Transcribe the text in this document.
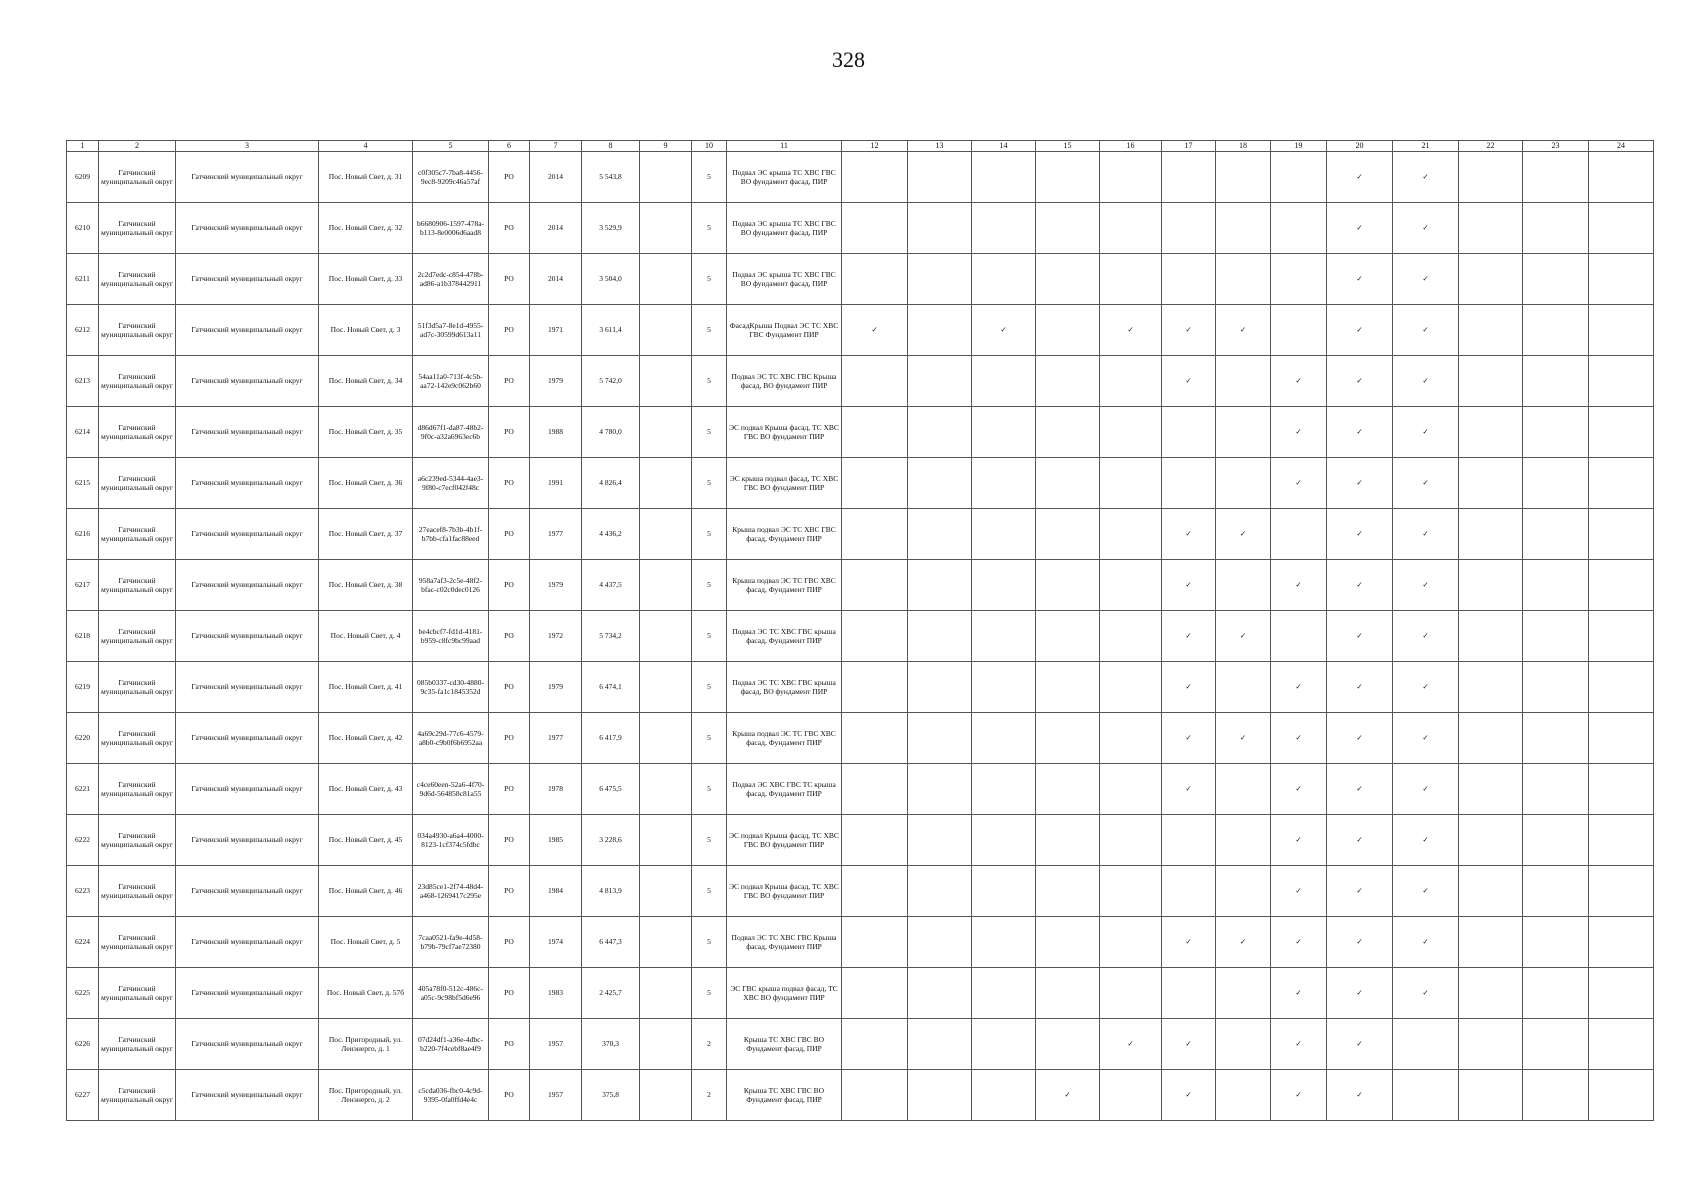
328
1	2	3	4	5	6	7	8	9	10	11	12	13	14	15	16	17	18	19	20	21	22	23	24
6209	Гатчинский муниципальный округ	Гатчинский муниципальный округ	Пос. Новый Свет, д. 31	c0f305c7-7ba8-4456-9ec8-9209c46a57af	РО	2014	5 543,8		5	Подвал ЭС крыша ТС ХВС ГВС ВО фундамент фасад, ПИР									✓	✓			
6210	Гатчинский муниципальный округ	Гатчинский муниципальный округ	Пос. Новый Свет, д. 32	b6680906-1597-478a-b113-8e0006d6aad8	РО	2014	3 529,9		5	Подвал ЭС крыша ТС ХВС ГВС ВО фундамент фасад, ПИР									✓	✓			
6211	Гатчинский муниципальный округ	Гатчинский муниципальный округ	Пос. Новый Свет, д. 33	2c2d7edc-c854-478b-ad86-a1b378442911	РО	2014	3 504,0		5	Подвал ЭС крыша ТС ХВС ГВС ВО фундамент фасад, ПИР									✓	✓			
6212	Гатчинский муниципальный округ	Гатчинский муниципальный округ	Пос. Новый Свет, д. 3	51f3d5a7-8e1d-4955-ad7c-30599d613a11	РО	1971	3 611,4		5	ФасадКрыша Подвал ЭС ТС ХВС ГВС Фундамент ПИР	✓		✓		✓	✓	✓		✓	✓			
6213	Гатчинский муниципальный округ	Гатчинский муниципальный округ	Пос. Новый Свет, д. 34	54aa11a0-713f-4c5b-aa72-142e9c062b60	РО	1979	5 742,0		5	Подвал ЭС ТС ХВС ГВС Крыша фасад, ВО фундамент ПИР						✓		✓	✓	✓			
6214	Гатчинский муниципальный округ	Гатчинский муниципальный округ	Пос. Новый Свет, д. 35	d86d67f1-da87-48b2-9f0c-a32a6963ec6b	РО	1988	4 780,0		5	ЭС подвал Крыша фасад, ТС ХВС ГВС ВО фундамент ПИР								✓	✓	✓			
6215	Гатчинский муниципальный округ	Гатчинский муниципальный округ	Пос. Новый Свет, д. 36	a6c239ed-5344-4ae3-9f80-c7ecf042f48c	РО	1991	4 826,4		5	ЭС крыша подвал фасад, ТС ХВС ГВС ВО фундамент ПИР								✓	✓	✓			
6216	Гатчинский муниципальный округ	Гатчинский муниципальный округ	Пос. Новый Свет, д. 37	27eacef8-7b3b-4b1f-b7bb-cfa1fac88eed	РО	1977	4 436,2		5	Крыша подвал ЭС ТС ХВС ГВС фасад, Фундамент ПИР						✓	✓		✓	✓			
6217	Гатчинский муниципальный округ	Гатчинский муниципальный округ	Пос. Новый Свет, д. 38	958a7af3-2c5e-48f2-bfac-c02c0dec0126	РО	1979	4 437,5		5	Крыша подвал ЭС ТС ГВС ХВС фасад, Фундамент ПИР						✓		✓	✓	✓			
6218	Гатчинский муниципальный округ	Гатчинский муниципальный округ	Пос. Новый Свет, д. 4	be4cbcf7-fd1d-4181-b959-c8fc9bc99aad	РО	1972	5 734,2		5	Подвал ЭС ТС ХВС ГВС крыша фасад, Фундамент ПИР						✓	✓		✓	✓			
6219	Гатчинский муниципальный округ	Гатчинский муниципальный округ	Пос. Новый Свет, д. 41	085b0337-cd30-4880-9c35-fa1c1845352d	РО	1979	6 474,1		5	Подвал ЭС ТС ХВС ГВС крыша фасад, ВО фундамент ПИР						✓		✓	✓	✓			
6220	Гатчинский муниципальный округ	Гатчинский муниципальный округ	Пос. Новый Свет, д. 42	4a69c29d-77c6-4579-a8b0-c9b0f6b6952aa	РО	1977	6 417,9		5	Крыша подвал ЭС ТС ГВС ХВС фасад, Фундамент ПИР						✓	✓	✓	✓	✓			
6221	Гатчинский муниципальный округ	Гатчинский муниципальный округ	Пос. Новый Свет, д. 43	c4ce60een-52a6-4f70-9d6d-564858c81a55	РО	1978	6 475,5		5	Подвал ЭС ХВС ГВС ТС крыша фасад, Фундамент ПИР						✓		✓	✓	✓			
6222	Гатчинский муниципальный округ	Гатчинский муниципальный округ	Пос. Новый Свет, д. 45	034a4930-a6a4-4000-8123-1cf374c5fdbc	РО	1985	3 228,6		5	ЭС подвал Крыша фасад, ТС ХВС ГВС ВО фундамент ПИР								✓	✓	✓			
6223	Гатчинский муниципальный округ	Гатчинский муниципальный округ	Пос. Новый Свет, д. 46	23d85ce1-2f74-48d4-a468-1269417c295e	РО	1984	4 813,9		5	ЭС подвал Крыша фасад, ТС ХВС ГВС ВО фундамент ПИР								✓	✓	✓			
6224	Гатчинский муниципальный округ	Гатчинский муниципальный округ	Пос. Новый Свет, д. 5	7caa0521-fa9e-4d58-b79b-79cf7ae72380	РО	1974	6 447,3		5	Подвал ЭС ТС ХВС ГВС Крыша фасад, Фундамент ПИР						✓	✓	✓	✓	✓			
6225	Гатчинский муниципальный округ	Гатчинский муниципальный округ	Пос. Новый Свет, д. 57б	405a78f0-512c-486c-a05c-9c98bf5d6e96	РО	1983	2 425,7		5	ЭС ГВС крыша подвал фасад, ТС ХВС ВО фундамент ПИР								✓	✓	✓			
6226	Гатчинский муниципальный округ	Гатчинский муниципальный округ	Пос. Пригородный, ул. Ленэнерго, д. 1	07d24df1-a36e-4dbc-b220-7f4cebf8ae4f9	РО	1957	370,3		2	Крыша ТС ХВС ГВС ВО Фундамент фасад, ПИР					✓	✓		✓	✓				
6227	Гатчинский муниципальный округ	Гатчинский муниципальный округ	Пос. Пригородный, ул. Ленэнерго, д. 2	c5cda036-fbc0-4c9d-9395-0fa0ffd4e4c	РО	1957	375,8		2	Крыша ТС ХВС ГВС ВО Фундамент фасад, ПИР				✓		✓		✓	✓				
